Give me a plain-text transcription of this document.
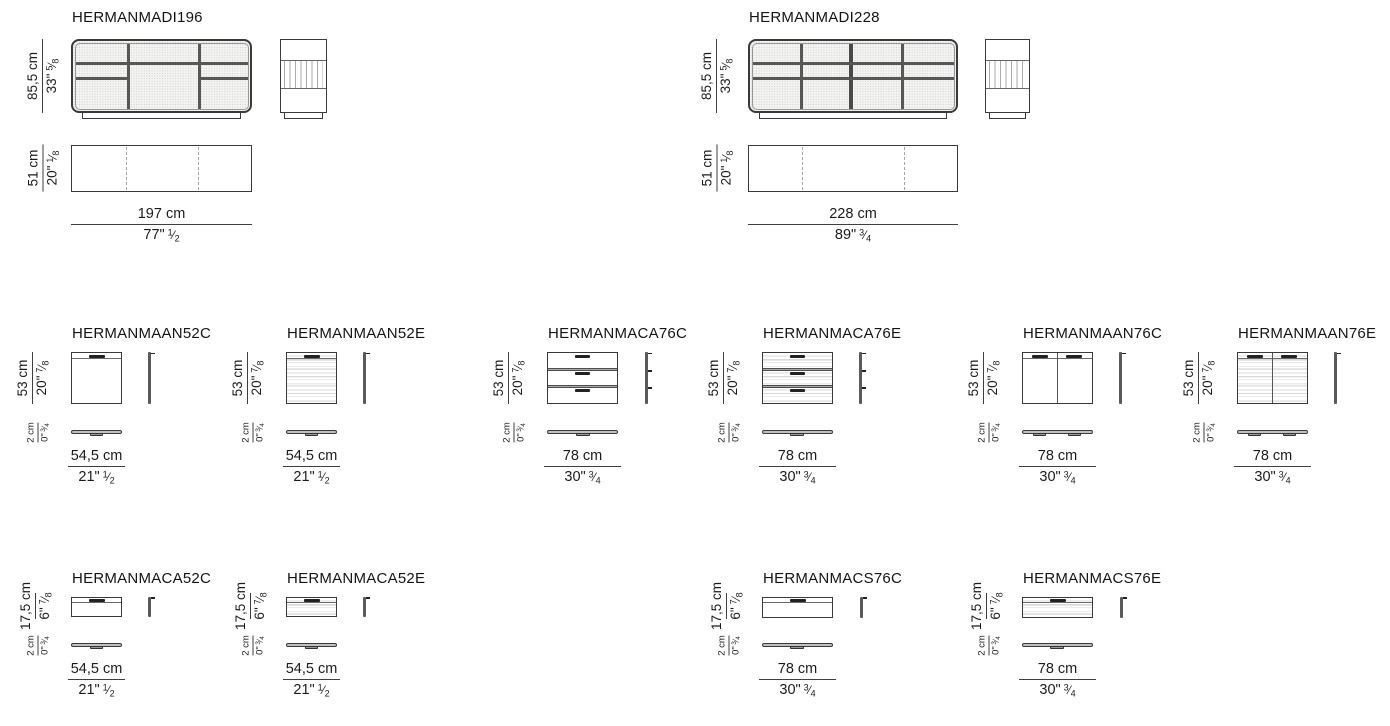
HERMANMADI196
85,5 cm 33"$^5$⁄ $_8$
51 cm 20"$^1$⁄ $_8$
197 cm
77" $^1$⁄ $_2$
HERMANMADI228
85,5 cm 33"$^5$⁄ $_8$
51 cm 20"$^1$⁄ $_8$
228 cm
89" $^3$⁄ $_4$
HERMANMAAN52C
53 cm 20"$^7$⁄ $_8$
2 cm 0"$^3$⁄ $_4$
54,5 cm
21" $^1$⁄ $_2$
HERMANMAAN52E
53 cm 20"$^7$⁄ $_8$
2 cm 0"$^3$⁄ $_4$
54,5 cm
21" $^1$⁄ $_2$
HERMANMACA76C
53 cm 20"$^7$⁄ $_8$
2 cm 0"$^3$⁄ $_4$
78 cm
30" $^3$⁄ $_4$
HERMANMACA76E
53 cm 20"$^7$⁄ $_8$
2 cm 0"$^3$⁄ $_4$
78 cm
30" $^3$⁄ $_4$
HERMANMAAN76C
53 cm 20"$^7$⁄ $_8$
2 cm 0"$^3$⁄ $_4$
78 cm
30" $^3$⁄ $_4$
HERMANMAAN76E
53 cm 20"$^7$⁄ $_8$
2 cm 0"$^3$⁄ $_4$
78 cm
30" $^3$⁄ $_4$
HERMANMACA52C
17,5 cm 6"$^7$⁄ $_8$
2 cm 0"$^3$⁄ $_4$
54,5 cm
21" $^1$⁄ $_2$
HERMANMACA52E
17,5 cm 6"$^7$⁄ $_8$
2 cm 0"$^3$⁄ $_4$
54,5 cm
21" $^1$⁄ $_2$
HERMANMACS76C
17,5 cm 6"$^7$⁄ $_8$
2 cm 0"$^3$⁄ $_4$
78 cm
30" $^3$⁄ $_4$
HERMANMACS76E
17,5 cm 6"$^7$⁄ $_8$
2 cm 0"$^3$⁄ $_4$
78 cm
30" $^3$⁄ $_4$
